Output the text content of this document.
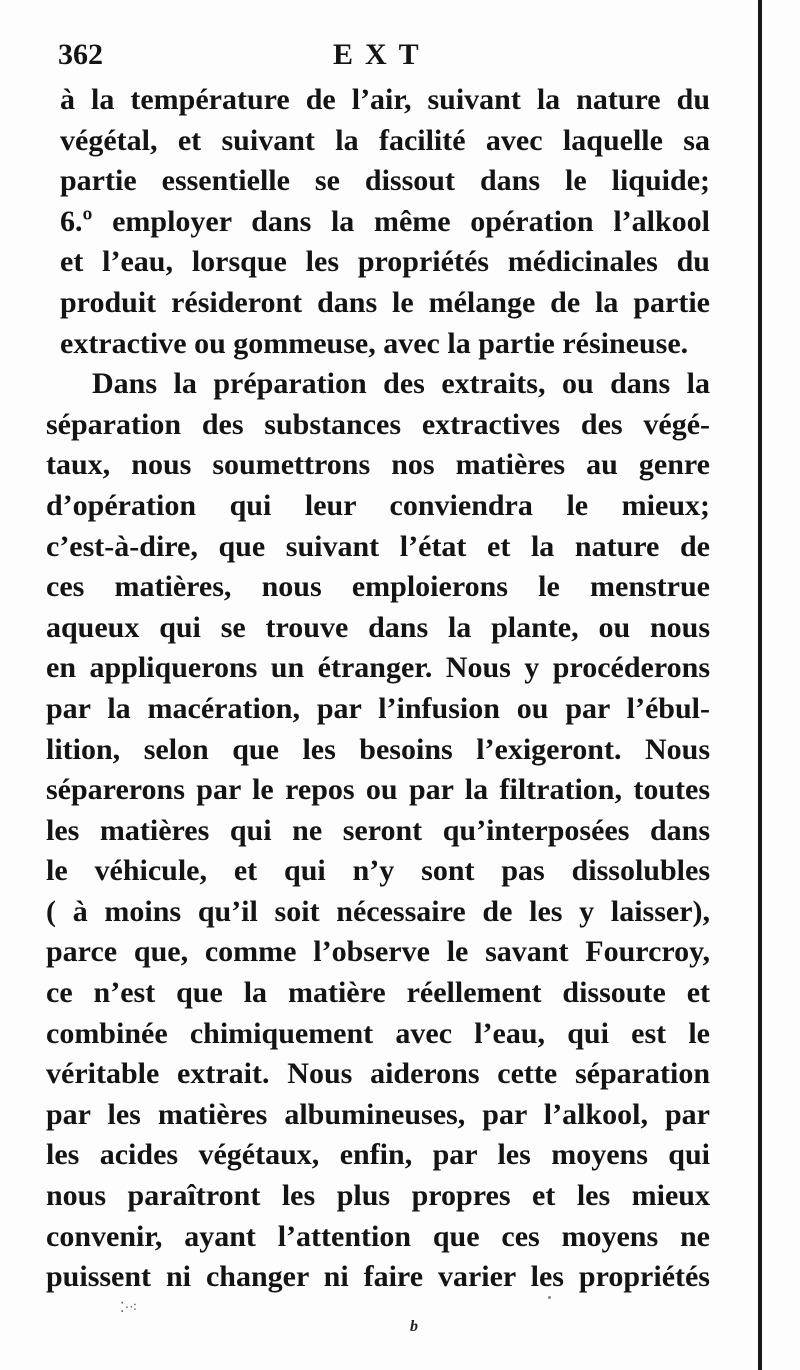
362	EXT
à la température de l’air, suivant la nature du
végétal, et suivant la facilité avec laquelle sa
partie essentielle se dissout dans le liquide;
6.º employer dans la même opération l’alkool
et l’eau, lorsque les propriétés médicinales du
produit résideront dans le mélange de la partie
extractive ou gommeuse, avec la partie résineuse.
Dans la préparation des extraits, ou dans la
séparation des substances extractives des végé-
taux, nous soumettrons nos matières au genre
d’opération qui leur conviendra le mieux;
c’est-à-dire, que suivant l’état et la nature de
ces matières, nous emploierons le menstrue
aqueux qui se trouve dans la plante, ou nous
en appliquerons un étranger. Nous y procéderons
par la macération, par l’infusion ou par l’ébul-
lition, selon que les besoins l’exigeront. Nous
séparerons par le repos ou par la filtration, toutes
les matières qui ne seront qu’interposées dans
le véhicule, et qui n’y sont pas dissolubles
( à moins qu’il soit nécessaire de les y laisser),
parce que, comme l’observe le savant Fourcroy,
ce n’est que la matière réellement dissoute et
combinée chimiquement avec l’eau, qui est le
véritable extrait. Nous aiderons cette séparation
par les matières albumineuses, par l’alkool, par
les acides végétaux, enfin, par les moyens qui
nous paraîtront les plus propres et les mieux
convenir, ayant l’attention que ces moyens ne
puissent ni changer ni faire varier les propriétés
⁚·⁖
b
